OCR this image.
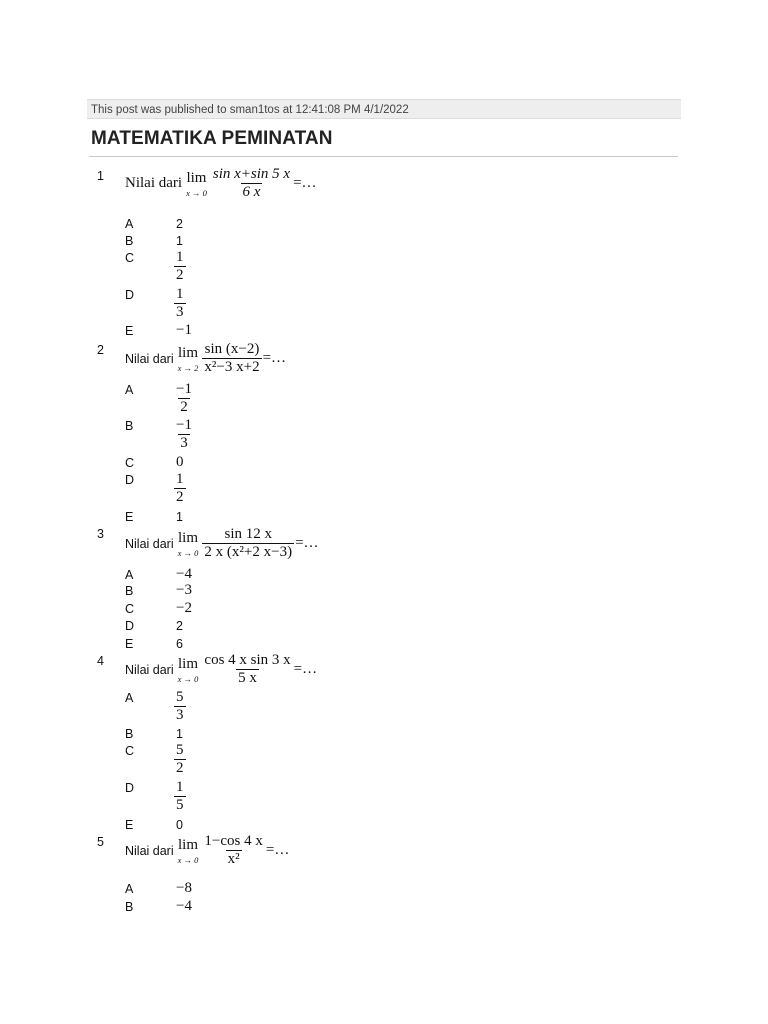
This post was published to sman1tos at 12:41:08 PM 4/1/2022
MATEMATIKA PEMINATAN
1 Nilai dari lim
$x \to 0 \frac{\text{sin x+sin 5 x}}{6 x}$ =…
A	2
B	1
C	$\frac{1}{2}$
D	$\frac{1}{3}$
E	−1
2
Nilai dari lim
$x \to 2 \frac{\sin (x-2)}{\text{x²−3 x+2}}$ =…
A	$\frac{-1}{2}$
B	$\frac{-1}{3}$
C	0
D	$\frac{1}{2}$
E	1
3
Nilai dari lim
$x \to 0 \frac{\sin 12 x}{\text{2 x (x²+2 x−3)}}$ =…
A	−4
B	−3
C	−2
D	2
E	6
4
Nilai dari lim
$x \to 0 \frac{\text{cos 4 x sin 3 x}}{5 x}$ =…
A	$\frac{5}{3}$
B	1
C	$\frac{5}{2}$
D	$\frac{1}{5}$
E	0
5
Nilai dari lim
$x \to 0 \frac{1-\cos 4 x}{\text{x²}}$ =…
A	−8
B	−4
